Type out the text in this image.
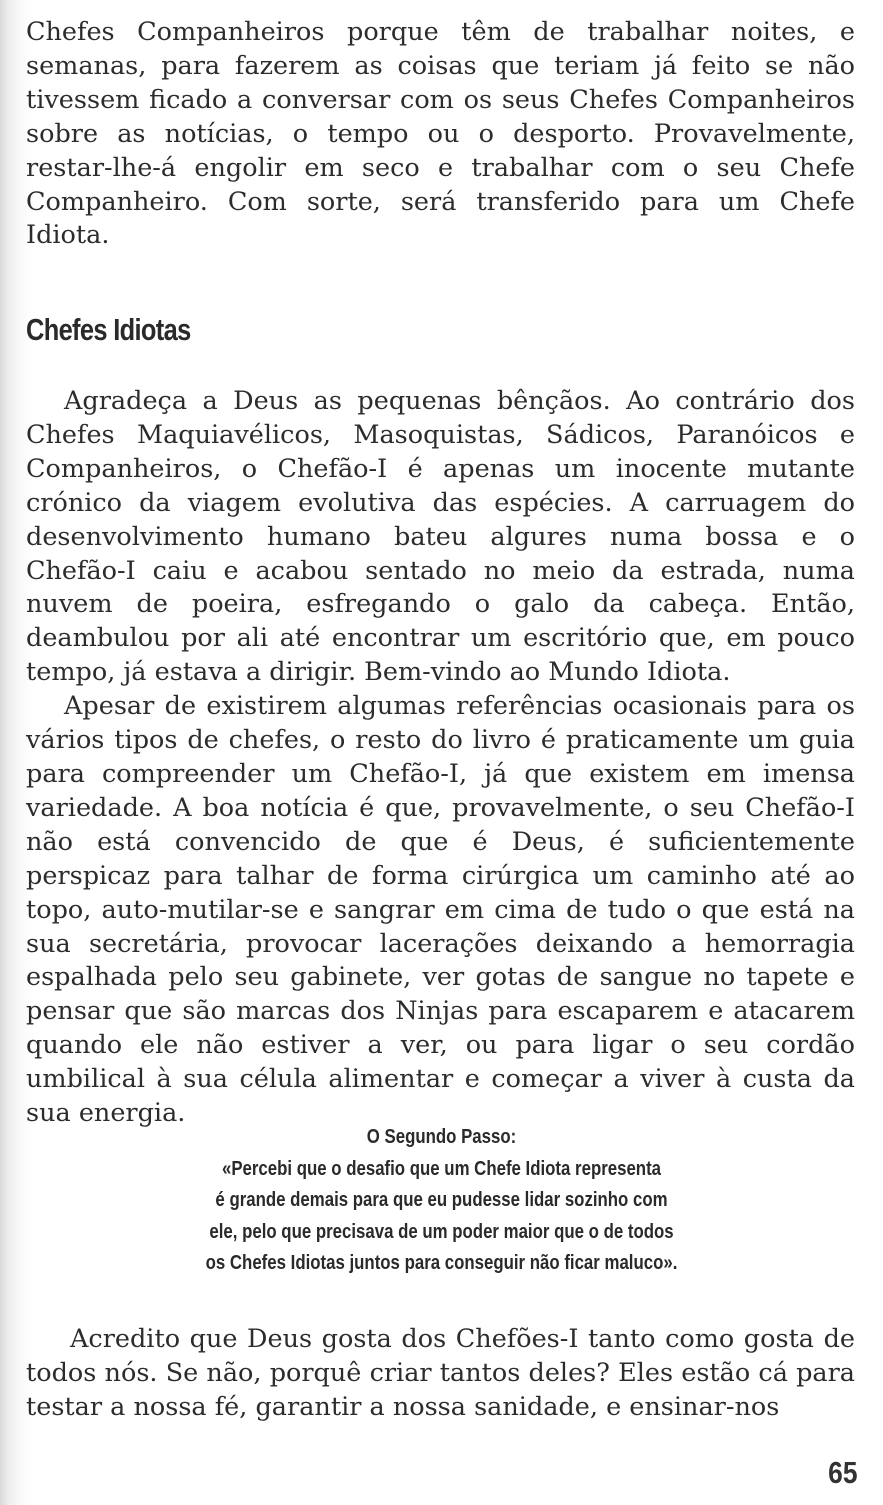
Chefes Companheiros porque têm de trabalhar noites, e semanas, para fazerem as coisas que teriam já feito se não tivessem ficado a conversar com os seus Chefes Companheiros sobre as notícias, o tempo ou o desporto. Provavelmente, restar-lhe-á engolir em seco e trabalhar com o seu Chefe Companheiro. Com sorte, será transferido para um Chefe Idiota.

Chefes Idiotas

Agradeça a Deus as pequenas bênçãos. Ao contrário dos Chefes Maquiavélicos, Masoquistas, Sádicos, Paranóicos e Companheiros, o Chefão-I é apenas um inocente mutante crónico da viagem evolutiva das espécies. A carruagem do desenvolvimento humano bateu algures numa bossa e o Chefão-I caiu e acabou sentado no meio da estrada, numa nuvem de poeira, esfregando o galo da cabeça. Então, deambulou por ali até encontrar um escritório que, em pouco tempo, já estava a dirigir. Bem-vindo ao Mundo Idiota.

Apesar de existirem algumas referências ocasionais para os vários tipos de chefes, o resto do livro é praticamente um guia para compreender um Chefão-I, já que existem em imensa variedade. A boa notícia é que, provavelmente, o seu Chefão-I não está convencido de que é Deus, é suficientemente perspicaz para talhar de forma cirúrgica um caminho até ao topo, auto-mutilar-se e sangrar em cima de tudo o que está na sua secretária, provocar lacerações deixando a hemorragia espalhada pelo seu gabinete, ver gotas de sangue no tapete e pensar que são marcas dos Ninjas para escaparem e atacarem quando ele não estiver a ver, ou para ligar o seu cordão umbilical à sua célula alimentar e começar a viver à custa da sua energia.

O Segundo Passo:
«Percebi que o desafio que um Chefe Idiota representa
é grande demais para que eu pudesse lidar sozinho com
ele, pelo que precisava de um poder maior que o de todos
os Chefes Idiotas juntos para conseguir não ficar maluco».

Acredito que Deus gosta dos Chefões-I tanto como gosta de todos nós. Se não, porquê criar tantos deles? Eles estão cá para testar a nossa fé, garantir a nossa sanidade, e ensinar-nos

65
